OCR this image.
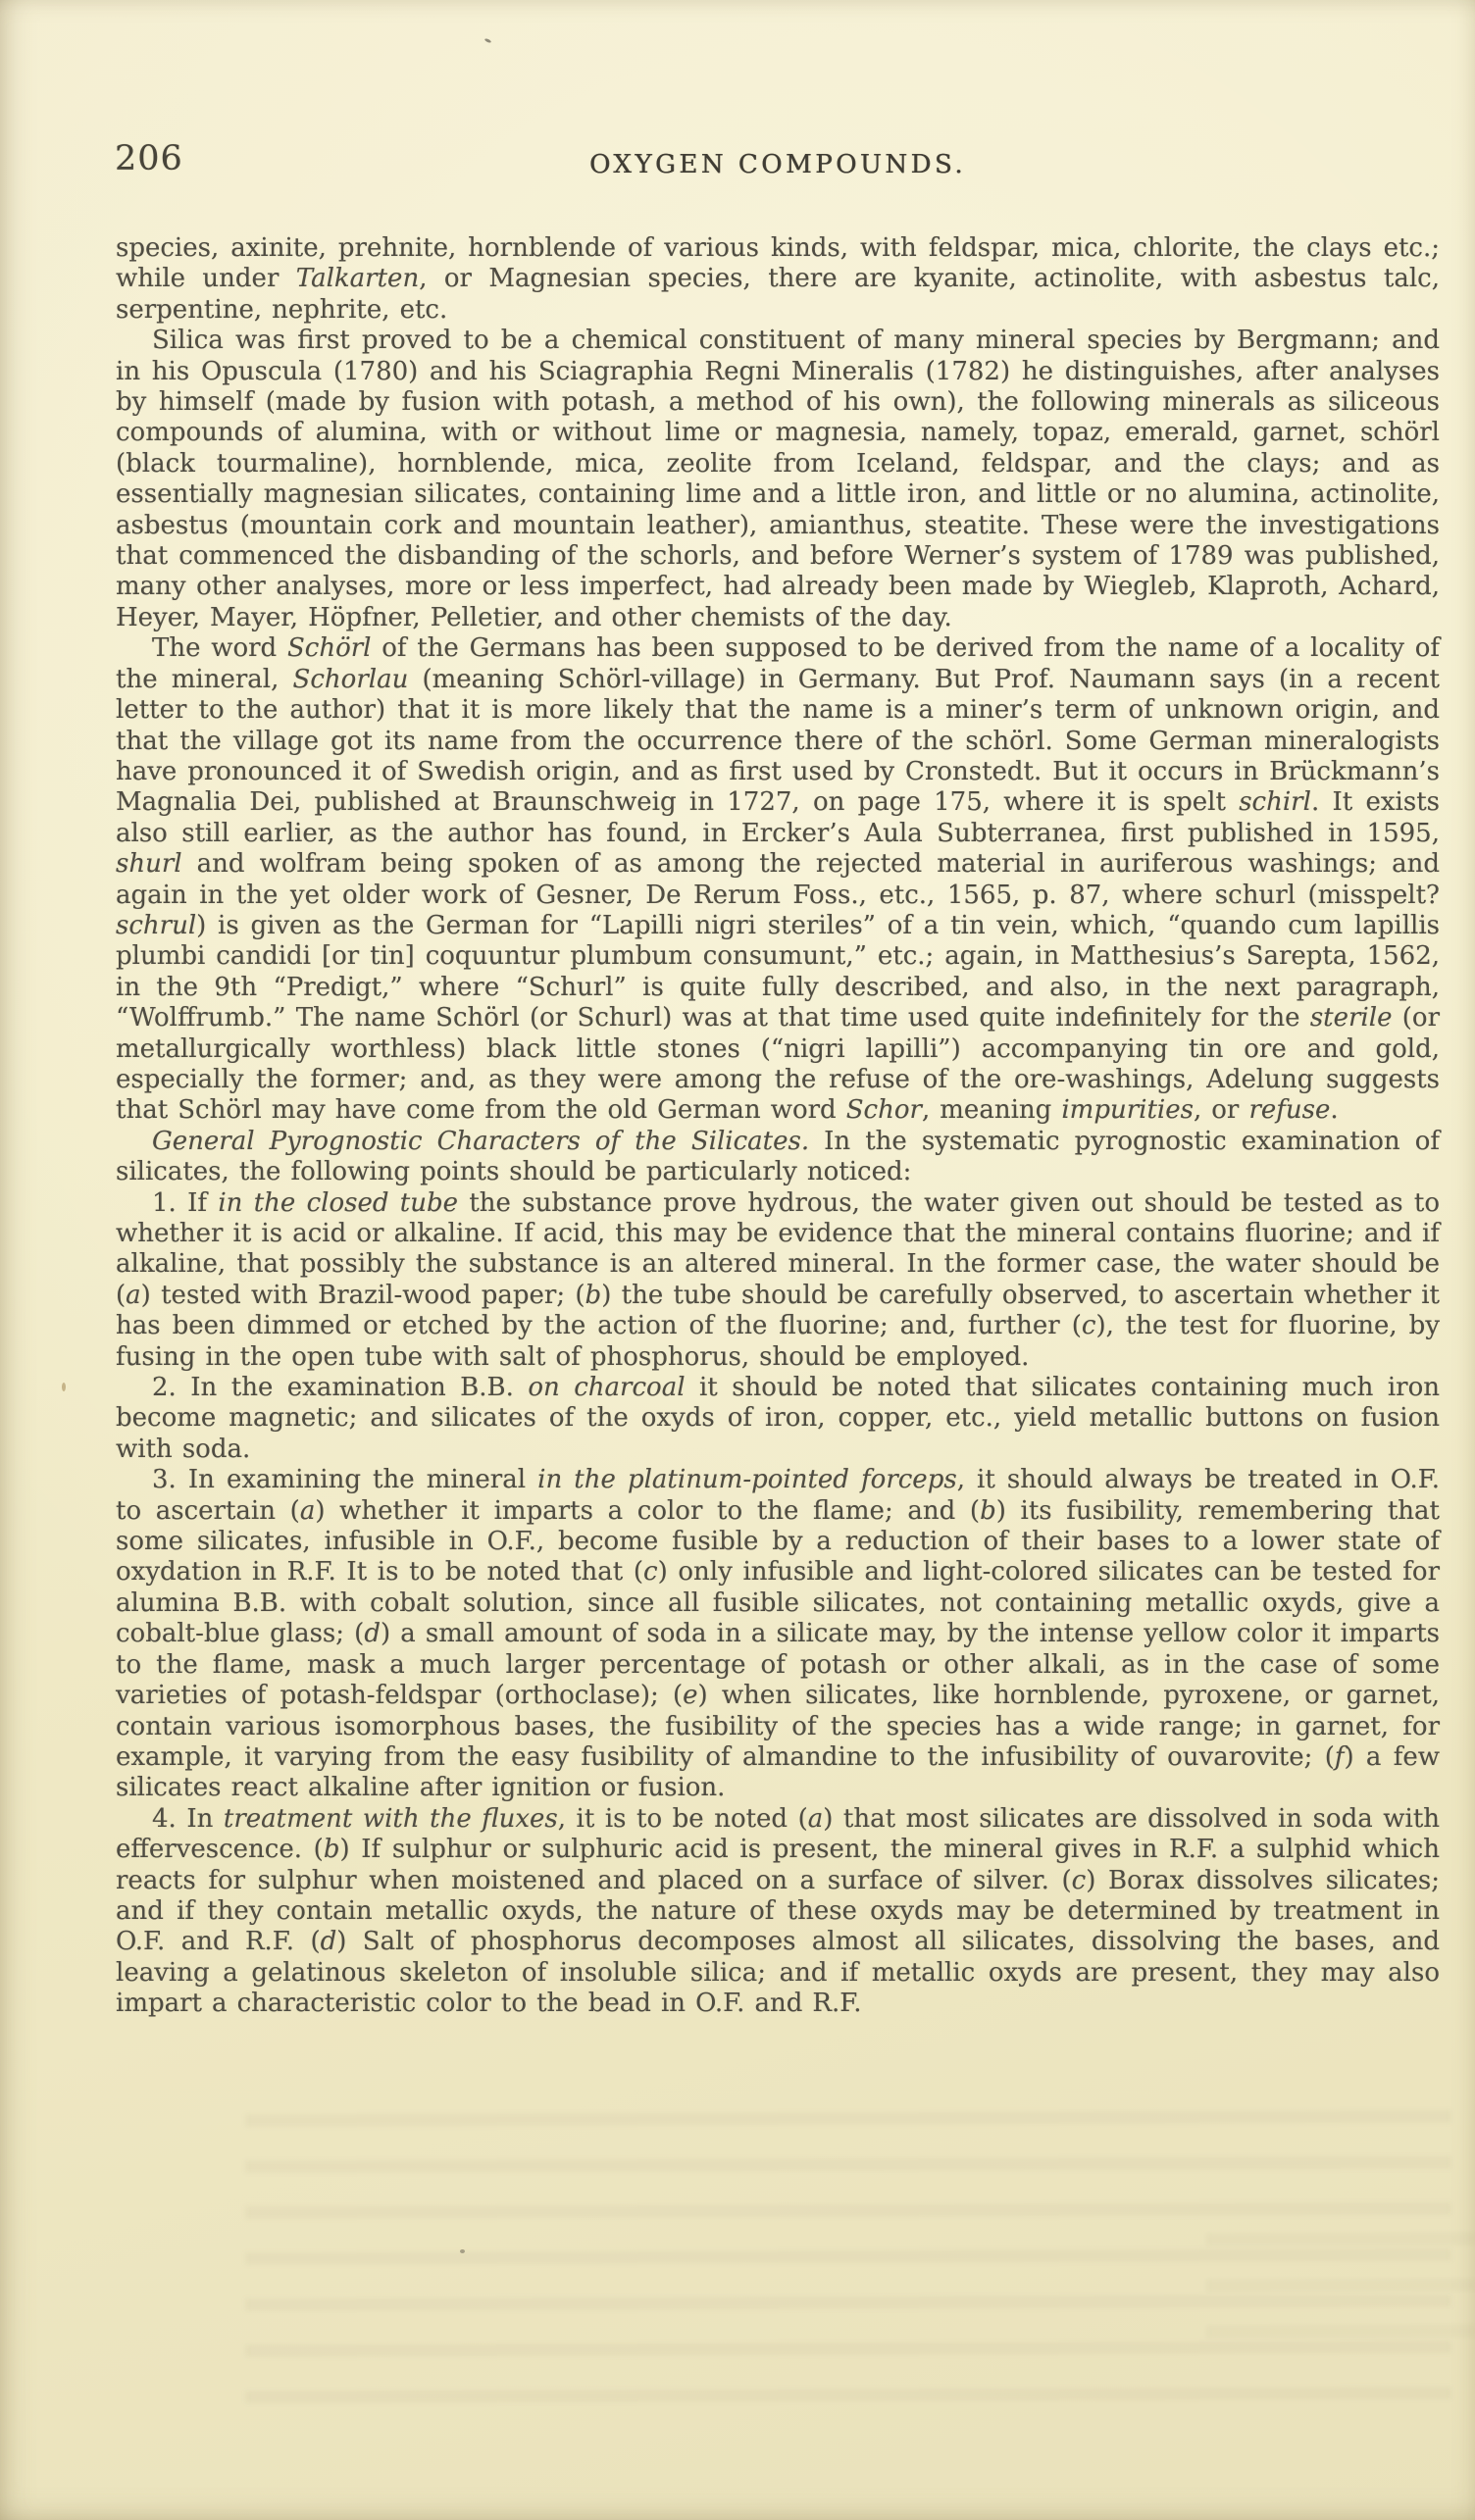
206	OXYGEN COMPOUNDS.

species, axinite, prehnite, hornblende of various kinds, with feldspar, mica, chlorite, the clays etc.; while under Talkarten, or Magnesian species, there are kyanite, actinolite, with asbestus talc, serpentine, nephrite, etc.

Silica was first proved to be a chemical constituent of many mineral species by Bergmann; and in his Opuscula (1780) and his Sciagraphia Regni Mineralis (1782) he distinguishes, after analyses by himself (made by fusion with potash, a method of his own), the following minerals as siliceous compounds of alumina, with or without lime or magnesia, namely, topaz, emerald, garnet, schörl (black tourmaline), hornblende, mica, zeolite from Iceland, feldspar, and the clays; and as essentially magnesian silicates, containing lime and a little iron, and little or no alumina, actinolite, asbestus (mountain cork and mountain leather), amianthus, steatite. These were the investigations that commenced the disbanding of the schorls, and before Werner’s system of 1789 was published, many other analyses, more or less imperfect, had already been made by Wiegleb, Klaproth, Achard, Heyer, Mayer, Höpfner, Pelletier, and other chemists of the day.

The word Schörl of the Germans has been supposed to be derived from the name of a locality of the mineral, Schorlau (meaning Schörl-village) in Germany. But Prof. Naumann says (in a recent letter to the author) that it is more likely that the name is a miner’s term of unknown origin, and that the village got its name from the occurrence there of the schörl. Some German mineralogists have pronounced it of Swedish origin, and as first used by Cronstedt. But it occurs in Brückmann’s Magnalia Dei, published at Braunschweig in 1727, on page 175, where it is spelt schirl. It exists also still earlier, as the author has found, in Ercker’s Aula Subterranea, first published in 1595, shurl and wolfram being spoken of as among the rejected material in auriferous washings; and again in the yet older work of Gesner, De Rerum Foss., etc., 1565, p. 87, where schurl (misspelt? schrul) is given as the German for “Lapilli nigri steriles” of a tin vein, which, “quando cum lapillis plumbi candidi [or tin] coquuntur plumbum consumunt,” etc.; again, in Matthesius’s Sarepta, 1562, in the 9th “Predigt,” where “Schurl” is quite fully described, and also, in the next paragraph, “Wolffrumb.” The name Schörl (or Schurl) was at that time used quite indefinitely for the sterile (or metallurgically worthless) black little stones (“nigri lapilli”) accompanying tin ore and gold, especially the former; and, as they were among the refuse of the ore-washings, Adelung suggests that Schörl may have come from the old German word Schor, meaning impurities, or refuse.

General Pyrognostic Characters of the Silicates. In the systematic pyrognostic examination of silicates, the following points should be particularly noticed:

1. If in the closed tube the substance prove hydrous, the water given out should be tested as to whether it is acid or alkaline. If acid, this may be evidence that the mineral contains fluorine; and if alkaline, that possibly the substance is an altered mineral. In the former case, the water should be (a) tested with Brazil-wood paper; (b) the tube should be carefully observed, to ascertain whether it has been dimmed or etched by the action of the fluorine; and, further (c), the test for fluorine, by fusing in the open tube with salt of phosphorus, should be employed.

2. In the examination B.B. on charcoal it should be noted that silicates containing much iron become magnetic; and silicates of the oxyds of iron, copper, etc., yield metallic buttons on fusion with soda.

3. In examining the mineral in the platinum-pointed forceps, it should always be treated in O.F. to ascertain (a) whether it imparts a color to the flame; and (b) its fusibility, remembering that some silicates, infusible in O.F., become fusible by a reduction of their bases to a lower state of oxydation in R.F. It is to be noted that (c) only infusible and light-colored silicates can be tested for alumina B.B. with cobalt solution, since all fusible silicates, not containing metallic oxyds, give a cobalt-blue glass; (d) a small amount of soda in a silicate may, by the intense yellow color it imparts to the flame, mask a much larger percentage of potash or other alkali, as in the case of some varieties of potash-feldspar (orthoclase); (e) when silicates, like hornblende, pyroxene, or garnet, contain various isomorphous bases, the fusibility of the species has a wide range; in garnet, for example, it varying from the easy fusibility of almandine to the infusibility of ouvarovite; (f) a few silicates react alkaline after ignition or fusion.

4. In treatment with the fluxes, it is to be noted (a) that most silicates are dissolved in soda with effervescence. (b) If sulphur or sulphuric acid is present, the mineral gives in R.F. a sulphid which reacts for sulphur when moistened and placed on a surface of silver. (c) Borax dissolves silicates; and if they contain metallic oxyds, the nature of these oxyds may be determined by treatment in O.F. and R.F. (d) Salt of phosphorus decomposes almost all silicates, dissolving the bases, and leaving a gelatinous skeleton of insoluble silica; and if metallic oxyds are present, they may also impart a characteristic color to the bead in O.F. and R.F.
